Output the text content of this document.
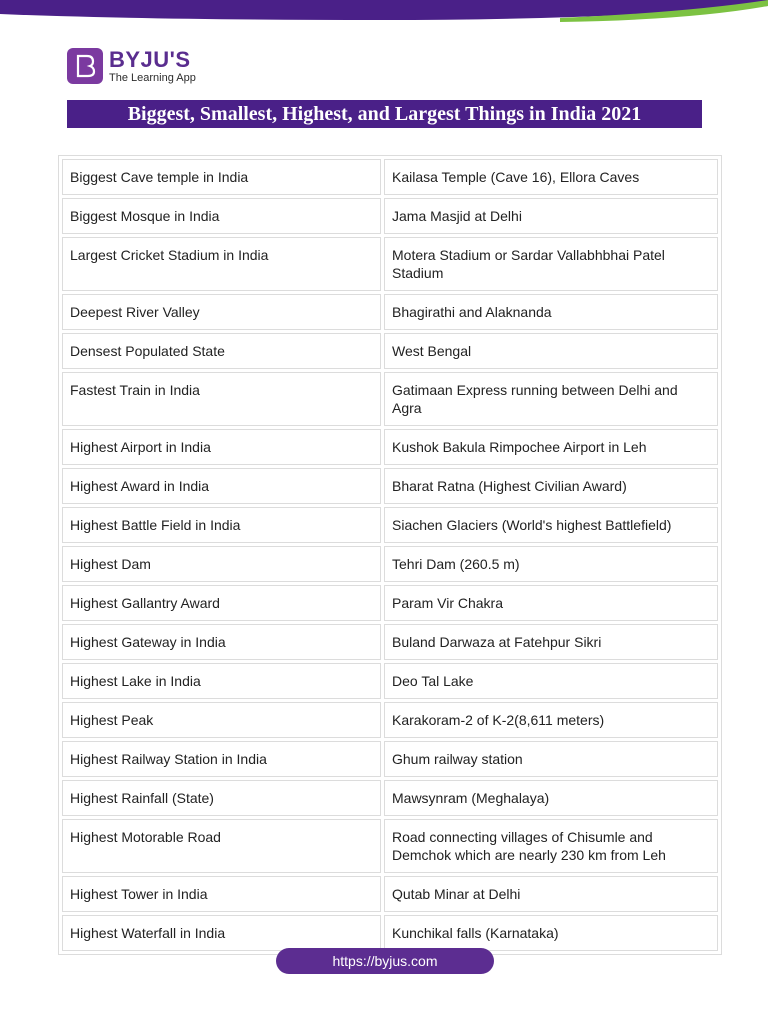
BYJU'S
The Learning App
Biggest, Smallest, Highest, and Largest Things in India 2021
Biggest Cave temple in India	Kailasa Temple (Cave 16), Ellora Caves
Biggest Mosque in India	Jama Masjid at Delhi
Largest Cricket Stadium in India	Motera Stadium or Sardar Vallabhbhai Patel Stadium
Deepest River Valley	Bhagirathi and Alaknanda
Densest Populated State	West Bengal
Fastest Train in India	Gatimaan Express running between Delhi and Agra
Highest Airport in India	Kushok Bakula Rimpochee Airport in Leh
Highest Award in India	Bharat Ratna (Highest Civilian Award)
Highest Battle Field in India	Siachen Glaciers (World's highest Battlefield)
Highest Dam	Tehri Dam (260.5 m)
Highest Gallantry Award	Param Vir Chakra
Highest Gateway in India	Buland Darwaza at Fatehpur Sikri
Highest Lake in India	Deo Tal Lake
Highest Peak	Karakoram-2 of K-2(8,611 meters)
Highest Railway Station in India	Ghum railway station
Highest Rainfall (State)	Mawsynram (Meghalaya)
Highest Motorable Road	Road connecting villages of Chisumle and Demchok which are nearly 230 km from Leh
Highest Tower in India	Qutab Minar at Delhi
Highest Waterfall in India	Kunchikal falls (Karnataka)
https://byjus.com
